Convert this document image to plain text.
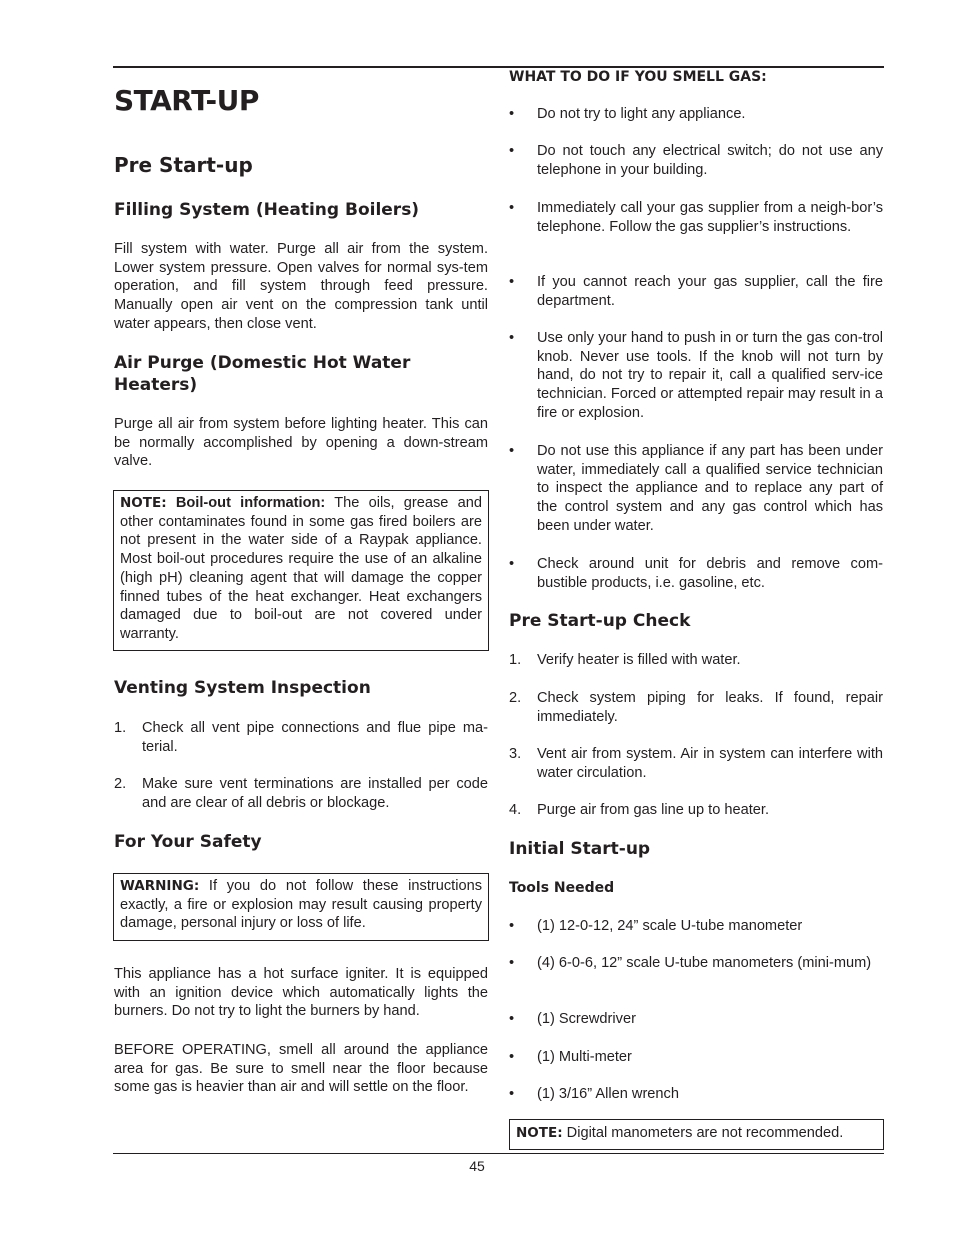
START-UP
Pre Start-up
Filling System (Heating Boilers)
Fill system with water. Purge all air from the system. Lower system pressure. Open valves for normal sys-tem operation, and fill system through feed pressure. Manually open air vent on the compression tank until water appears, then close vent.
Air Purge (Domestic Hot Water Heaters)
Purge all air from system before lighting heater. This can be normally accomplished by opening a down-stream valve.
NOTE: Boil-out information: The oils, grease and other contaminates found in some gas fired boilers are not present in the water side of a Raypak appliance. Most boil-out procedures require the use of an alkaline (high pH) cleaning agent that will damage the copper finned tubes of the heat exchanger. Heat exchangers damaged due to boil-out are not covered under warranty.
Venting System Inspection
1. Check all vent pipe connections and flue pipe ma-terial.
2. Make sure vent terminations are installed per code and are clear of all debris or blockage.
For Your Safety
WARNING: If you do not follow these instructions exactly, a fire or explosion may result causing property damage, personal injury or loss of life.
This appliance has a hot surface igniter. It is equipped with an ignition device which automatically lights the burners. Do not try to light the burners by hand.
BEFORE OPERATING, smell all around the appliance area for gas. Be sure to smell near the floor because some gas is heavier than air and will settle on the floor.
WHAT TO DO IF YOU SMELL GAS:
• Do not try to light any appliance.
• Do not touch any electrical switch; do not use any telephone in your building.
• Immediately call your gas supplier from a neigh-bor’s telephone. Follow the gas supplier’s instructions.
• If you cannot reach your gas supplier, call the fire department.
• Use only your hand to push in or turn the gas con-trol knob. Never use tools. If the knob will not turn by hand, do not try to repair it, call a qualified serv-ice technician. Forced or attempted repair may result in a fire or explosion.
• Do not use this appliance if any part has been under water, immediately call a qualified service technician to inspect the appliance and to replace any part of the control system and any gas control which has been under water.
• Check around unit for debris and remove com-bustible products, i.e. gasoline, etc.
Pre Start-up Check
1. Verify heater is filled with water.
2. Check system piping for leaks. If found, repair immediately.
3. Vent air from system. Air in system can interfere with water circulation.
4. Purge air from gas line up to heater.
Initial Start-up
Tools Needed
• (1) 12-0-12, 24” scale U-tube manometer
• (4) 6-0-6, 12” scale U-tube manometers (mini-mum)
• (1) Screwdriver
• (1) Multi-meter
• (1) 3/16” Allen wrench
NOTE: Digital manometers are not recommended.
45
